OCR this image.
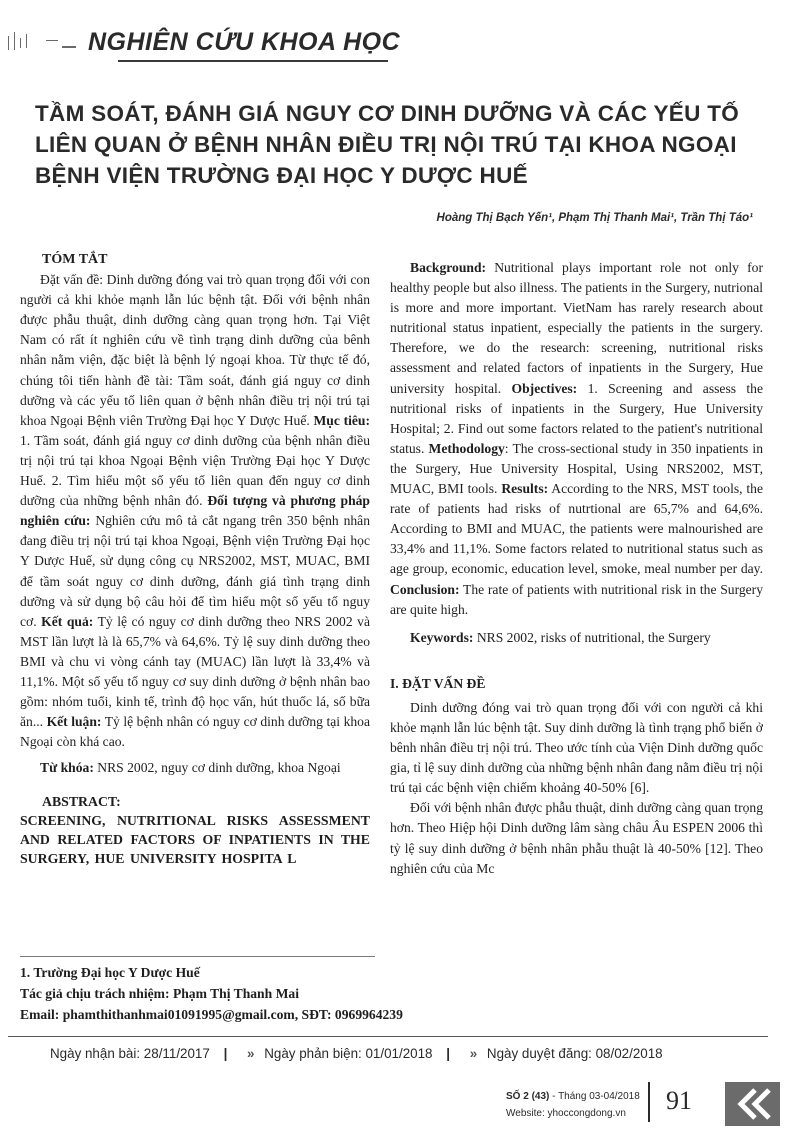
NGHIÊN CỨU KHOA HỌC
TẦM SOÁT, ĐÁNH GIÁ NGUY CƠ DINH DƯỠNG VÀ CÁC YẾU TỐ LIÊN QUAN Ở BỆNH NHÂN ĐIỀU TRỊ NỘI TRÚ TẠI KHOA NGOẠI BỆNH VIỆN TRƯỜNG ĐẠI HỌC Y DƯỢC HUẾ
Hoàng Thị Bạch Yến¹, Phạm Thị Thanh Mai¹, Trần Thị Táo¹

TÓM TẮT

Đặt vấn đề: Dinh dưỡng đóng vai trò quan trọng đối với con người cả khi khỏe mạnh lẫn lúc bệnh tật. Đối với bệnh nhân được phẫu thuật, dinh dưỡng càng quan trọng hơn. Tại Việt Nam có rất ít nghiên cứu về tình trạng dinh dưỡng của bênh nhân nằm viện, đặc biệt là bệnh lý ngoại khoa. Từ thực tế đó, chúng tôi tiến hành đề tài: Tầm soát, đánh giá nguy cơ dinh dưỡng và các yếu tố liên quan ở bệnh nhân điều trị nội trú tại khoa Ngoại Bệnh viên Trường Đại học Y Dược Huế. Mục tiêu: 1. Tầm soát, đánh giá nguy cơ dinh dưỡng của bệnh nhân điều trị nội trú tại khoa Ngoại Bệnh viện Trường Đại học Y Dược Huế. 2. Tìm hiểu một số yếu tố liên quan đến nguy cơ dinh dưỡng của những bệnh nhân đó. Đối tượng và phương pháp nghiên cứu: Nghiên cứu mô tả cắt ngang trên 350 bệnh nhân đang điều trị nội trú tại khoa Ngoại, Bệnh viện Trường Đại học Y Dược Huế, sử dụng công cụ NRS2002, MST, MUAC, BMI để tầm soát nguy cơ dinh dưỡng, đánh giá tình trạng dinh dưỡng và sử dụng bộ câu hỏi để tìm hiểu một số yếu tố nguy cơ. Kết quả: Tỷ lệ có nguy cơ dinh dưỡng theo NRS 2002 và MST lần lượt là là 65,7% và 64,6%. Tỷ lệ suy dinh dưỡng theo BMI và chu vi vòng cánh tay (MUAC) lần lượt là 33,4% và 11,1%. Một số yếu tố nguy cơ suy dinh dưỡng ở bệnh nhân bao gồm: nhóm tuổi, kinh tế, trình độ học vấn, hút thuốc lá, số bữa ăn... Kết luận: Tỷ lệ bệnh nhân có nguy cơ dinh dưỡng tại khoa Ngoại còn khá cao.

Từ khóa: NRS 2002, nguy cơ dinh dưỡng, khoa Ngoại

ABSTRACT:
SCREENING, NUTRITIONAL RISKS ASSESSMENT AND RELATED FACTORS OF INPATIENTS IN THE SURGERY, HUE UNIVERSITY HOSPITA L

Background: Nutritional plays important role not only for healthy people but also illness. The patients in the Surgery, nutrional is more and more important. VietNam has rarely research about nutritional status inpatient, especially the patients in the surgery. Therefore, we do the research: screening, nutritional risks assessment and related factors of inpatients in the Surgery, Hue university hospital. Objectives: 1. Screening and assess the nutritional risks of inpatients in the Surgery, Hue University Hospital; 2. Find out some factors related to the patient's nutritional status. Methodology: The cross-sectional study in 350 inpatients in the Surgery, Hue University Hospital, Using NRS2002, MST, MUAC, BMI tools. Results: According to the NRS, MST tools, the rate of patients had risks of nutrtional are 65,7% and 64,6%. According to BMI and MUAC, the patients were malnourished are 33,4% and 11,1%. Some factors related to nutritional status such as age group, economic, education level, smoke, meal number per day. Conclusion: The rate of patients with nutritional risk in the Surgery are quite high.

Keywords: NRS 2002, risks of nutritional, the Surgery

I. ĐẶT VẤN ĐỀ

Dinh dưỡng đóng vai trò quan trọng đối với con người cả khi khỏe mạnh lẫn lúc bệnh tật. Suy dinh dưỡng là tình trạng phổ biến ở bênh nhân điều trị nội trú. Theo ước tính của Viện Dinh dưỡng quốc gia, tỉ lệ suy dinh dưỡng của những bệnh nhân đang nằm điều trị nội trú tại các bệnh viện chiếm khoảng 40-50% [6].

Đối với bệnh nhân được phẫu thuật, dinh dưỡng càng quan trọng hơn. Theo Hiệp hội Dinh dưỡng lâm sàng châu Âu ESPEN 2006 thì tỷ lệ suy dinh dưỡng ở bệnh nhân phẫu thuật là 40-50% [12]. Theo nghiên cứu của Mc

1. Trường Đại học Y Dược Huế
Tác giả chịu trách nhiệm: Phạm Thị Thanh Mai
Email: phamthithanhmai01091995@gmail.com, SĐT: 0969964239
Ngày nhận bài: 28/11/2017 | » Ngày phản biện: 01/01/2018 | » Ngày duyệt đăng: 08/02/2018
SỐ 2 (43) - Tháng 03-04/2018
Website: yhoccongdong.vn	91
